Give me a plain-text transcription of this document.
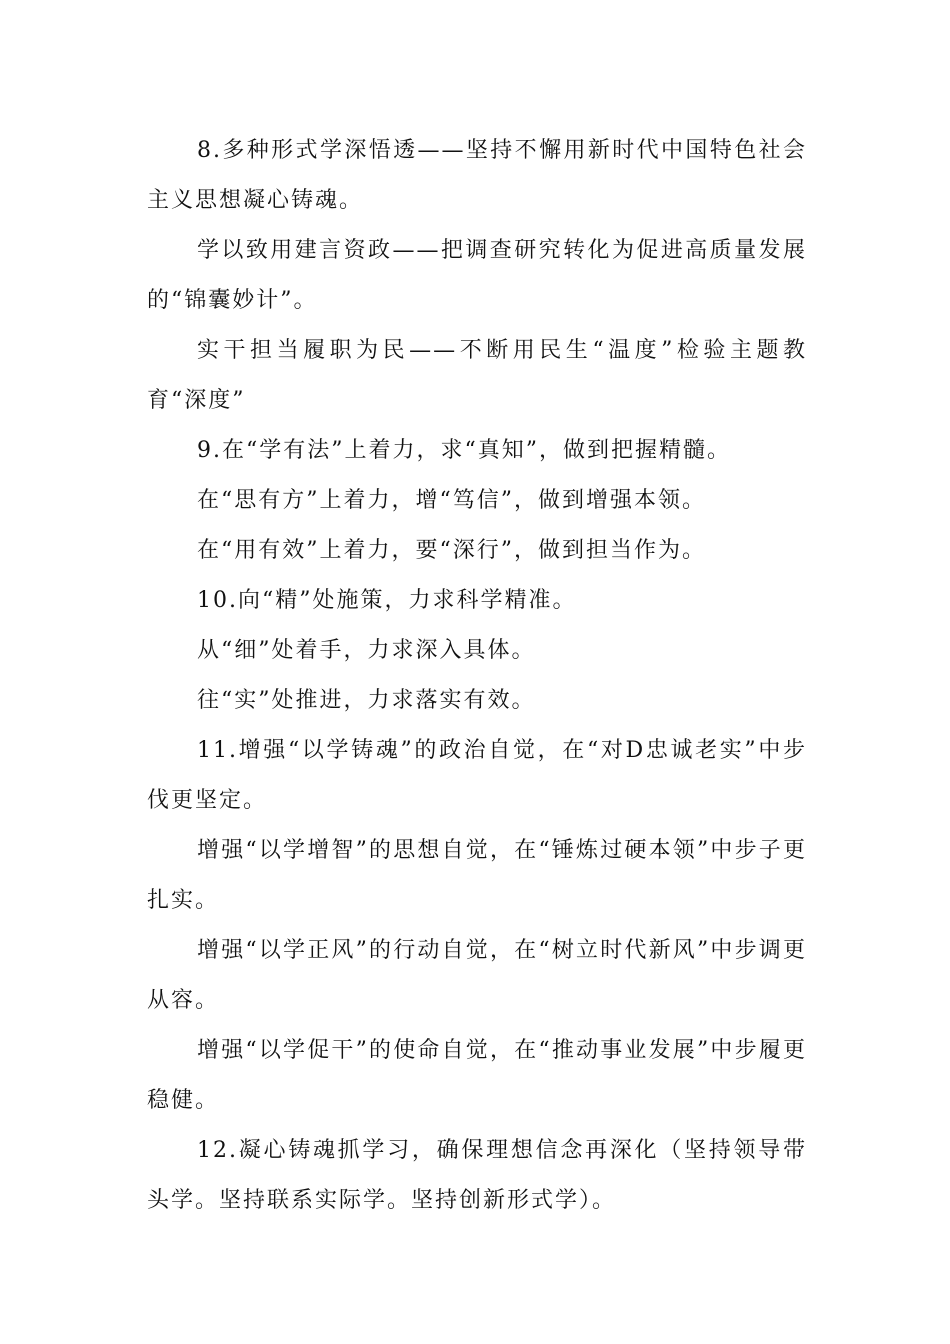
8.多种形式学深悟透——坚持不懈用新时代中国特色社会主义思想凝心铸魂。

学以致用建言资政——把调查研究转化为促进高质量发展的“锦囊妙计”。

实干担当履职为民——不断用民生“温度”检验主题教育“深度”

9.在“学有法”上着力，求“真知”，做到把握精髓。

在“思有方”上着力，增“笃信”，做到增强本领。

在“用有效”上着力，要“深行”，做到担当作为。

10.向“精”处施策，力求科学精准。

从“细”处着手，力求深入具体。

往“实”处推进，力求落实有效。

11.增强“以学铸魂”的政治自觉，在“对D忠诚老实”中步伐更坚定。

增强“以学增智”的思想自觉，在“锤炼过硬本领”中步子更扎实。

增强“以学正风”的行动自觉，在“树立时代新风”中步调更从容。

增强“以学促干”的使命自觉，在“推动事业发展”中步履更稳健。

12.凝心铸魂抓学习，确保理想信念再深化（坚持领导带头学。坚持联系实际学。坚持创新形式学）。
